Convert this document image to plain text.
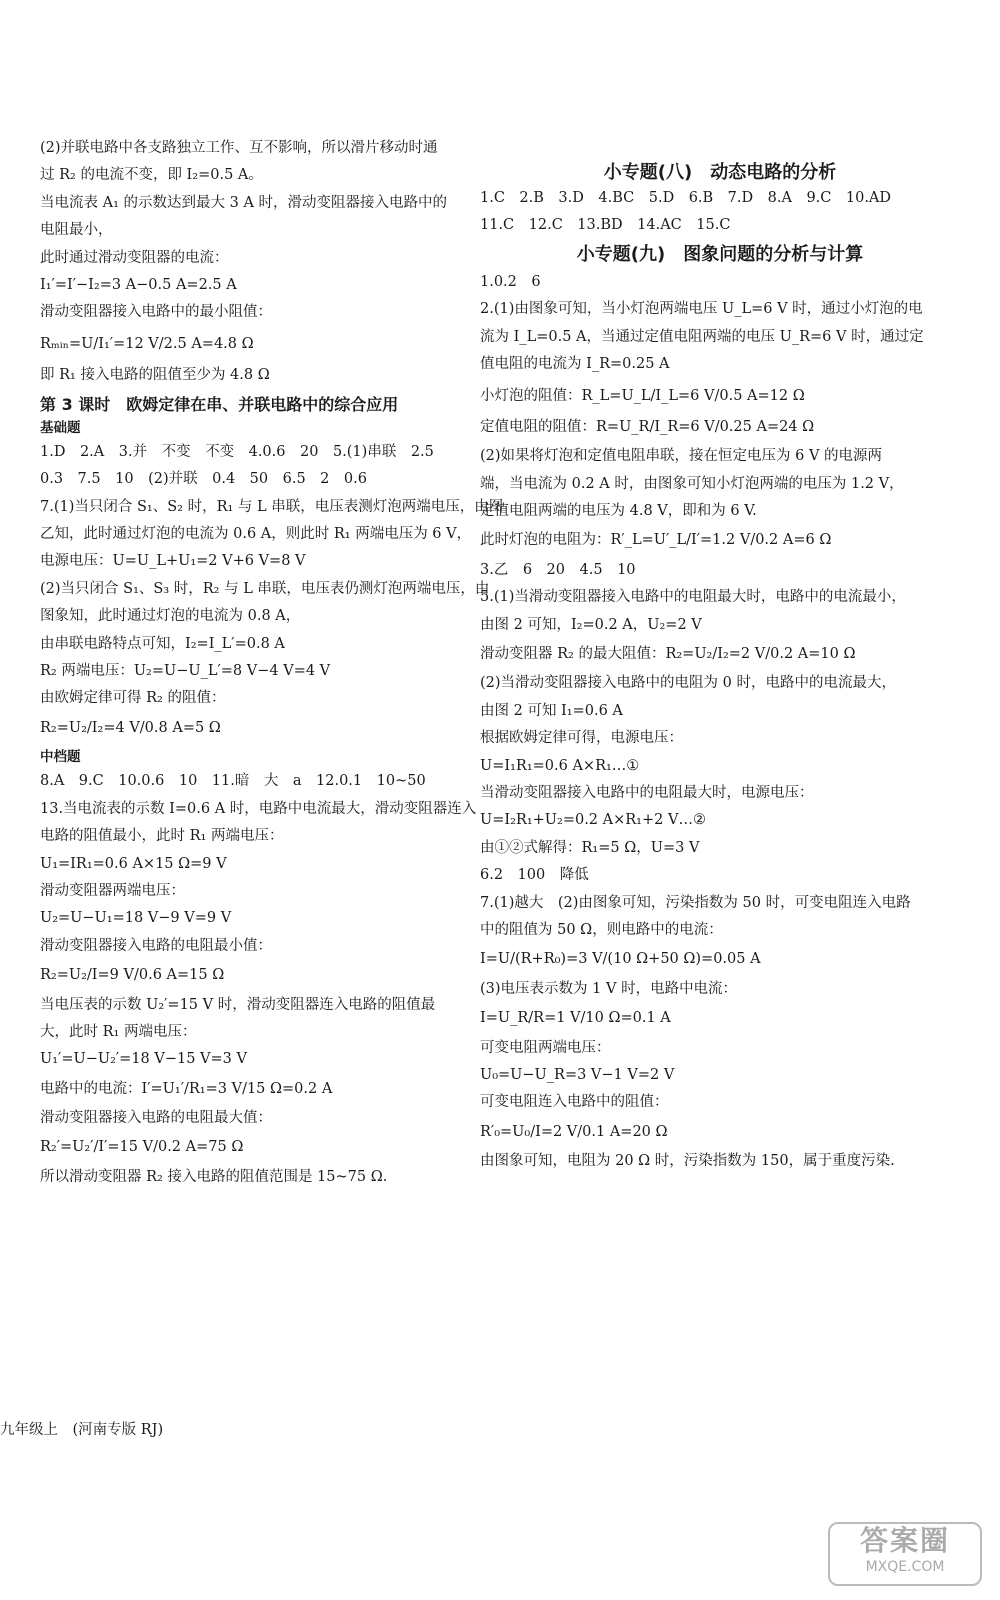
(2)并联电路中各支路独立工作、互不影响，所以滑片移动时通

过 R₂ 的电流不变，即 I₂=0.5 A。

当电流表 A₁ 的示数达到最大 3 A 时，滑动变阻器接入电路中的

电阻最小，

此时通过滑动变阻器的电流：

I₁′=I′−I₂=3 A−0.5 A=2.5 A

滑动变阻器接入电路中的最小阻值：

Rₘᵢₙ=U/I₁′=12 V/2.5 A=4.8 Ω

即 R₁ 接入电路的阻值至少为 4.8 Ω

第 3 课时　欧姆定律在串、并联电路中的综合应用

基础题

1.D　2.A　3.并　不变　不变　4.0.6　20　5.(1)串联　2.5

0.3　7.5　10　(2)并联　0.4　50　6.5　2　0.6

7.(1)当只闭合 S₁、S₂ 时，R₁ 与 L 串联，电压表测灯泡两端电压，由图

乙知，此时通过灯泡的电流为 0.6 A，则此时 R₁ 两端电压为 6 V，

电源电压：U=U_L+U₁=2 V+6 V=8 V

(2)当只闭合 S₁、S₃ 时，R₂ 与 L 串联，电压表仍测灯泡两端电压，由

图象知，此时通过灯泡的电流为 0.8 A，

由串联电路特点可知，I₂=I_L′=0.8 A

R₂ 两端电压：U₂=U−U_L′=8 V−4 V=4 V

由欧姆定律可得 R₂ 的阻值：

R₂=U₂/I₂=4 V/0.8 A=5 Ω

中档题

8.A　9.C　10.0.6　10　11.暗　大　a　12.0.1　10~50

13.当电流表的示数 I=0.6 A 时，电路中电流最大，滑动变阻器连入

电路的阻值最小，此时 R₁ 两端电压：

U₁=IR₁=0.6 A×15 Ω=9 V

滑动变阻器两端电压：

U₂=U−U₁=18 V−9 V=9 V

滑动变阻器接入电路的电阻最小值：

R₂=U₂/I=9 V/0.6 A=15 Ω

当电压表的示数 U₂′=15 V 时，滑动变阻器连入电路的阻值最

大，此时 R₁ 两端电压：

U₁′=U−U₂′=18 V−15 V=3 V

电路中的电流：I′=U₁′/R₁=3 V/15 Ω=0.2 A

滑动变阻器接入电路的电阻最大值：

R₂′=U₂′/I′=15 V/0.2 A=75 Ω

所以滑动变阻器 R₂ 接入电路的阻值范围是 15~75 Ω.

小专题(八)　动态电路的分析

1.C　2.B　3.D　4.BC　5.D　6.B　7.D　8.A　9.C　10.AD

11.C　12.C　13.BD　14.AC　15.C

小专题(九)　图象问题的分析与计算

1.0.2　6

2.(1)由图象可知，当小灯泡两端电压 U_L=6 V 时，通过小灯泡的电

流为 I_L=0.5 A，当通过定值电阻两端的电压 U_R=6 V 时，通过定

值电阻的电流为 I_R=0.25 A

小灯泡的阻值：R_L=U_L/I_L=6 V/0.5 A=12 Ω

定值电阻的阻值：R=U_R/I_R=6 V/0.25 A=24 Ω

(2)如果将灯泡和定值电阻串联，接在恒定电压为 6 V 的电源两

端，当电流为 0.2 A 时，由图象可知小灯泡两端的电压为 1.2 V，

定值电阻两端的电压为 4.8 V，即和为 6 V.

此时灯泡的电阻为：R′_L=U′_L/I′=1.2 V/0.2 A=6 Ω

3.乙　6　20　4.5　10

5.(1)当滑动变阻器接入电路中的电阻最大时，电路中的电流最小，

由图 2 可知，I₂=0.2 A，U₂=2 V

滑动变阻器 R₂ 的最大阻值：R₂=U₂/I₂=2 V/0.2 A=10 Ω

(2)当滑动变阻器接入电路中的电阻为 0 时，电路中的电流最大，

由图 2 可知 I₁=0.6 A

根据欧姆定律可得，电源电压：

U=I₁R₁=0.6 A×R₁…①

当滑动变阻器接入电路中的电阻最大时，电源电压：

U=I₂R₁+U₂=0.2 A×R₁+2 V…②

由①②式解得：R₁=5 Ω，U=3 V

6.2　100　降低

7.(1)越大　(2)由图象可知，污染指数为 50 时，可变电阻连入电路

中的阻值为 50 Ω，则电路中的电流：

I=U/(R+R₀)=3 V/(10 Ω+50 Ω)=0.05 A

(3)电压表示数为 1 V 时，电路中电流：

I=U_R/R=1 V/10 Ω=0.1 A

可变电阻两端电压：

U₀=U−U_R=3 V−1 V=2 V

可变电阻连入电路中的阻值：

R′₀=U₀/I=2 V/0.1 A=20 Ω

由图象可知，电阻为 20 Ω 时，污染指数为 150，属于重度污染.

九年级上　(河南专版 RJ)
答案圈
MXQE.COM
